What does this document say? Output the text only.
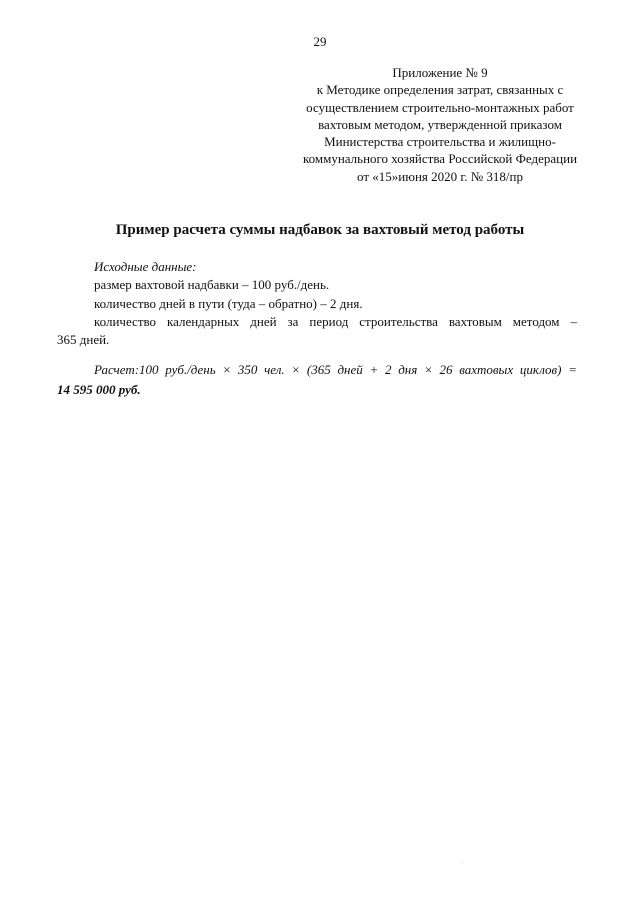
29
Приложение № 9
к Методике определения затрат, связанных с
осуществлением строительно-монтажных работ
вахтовым методом, утвержденной приказом
Министерства строительства и жилищно-
коммунального хозяйства Российской Федерации
от «15»июня 2020 г. № 318/пр
Пример расчета суммы надбавок за вахтовый метод работы
Исходные данные:
размер вахтовой надбавки – 100 руб./день.
количество дней в пути (туда – обратно) – 2 дня.
количество календарных дней за период строительства вахтовым методом –
365 дней.
Расчет:100 руб./день × 350 чел. × (365 дней + 2 дня × 26 вахтовых циклов) =
14 595 000 руб.
